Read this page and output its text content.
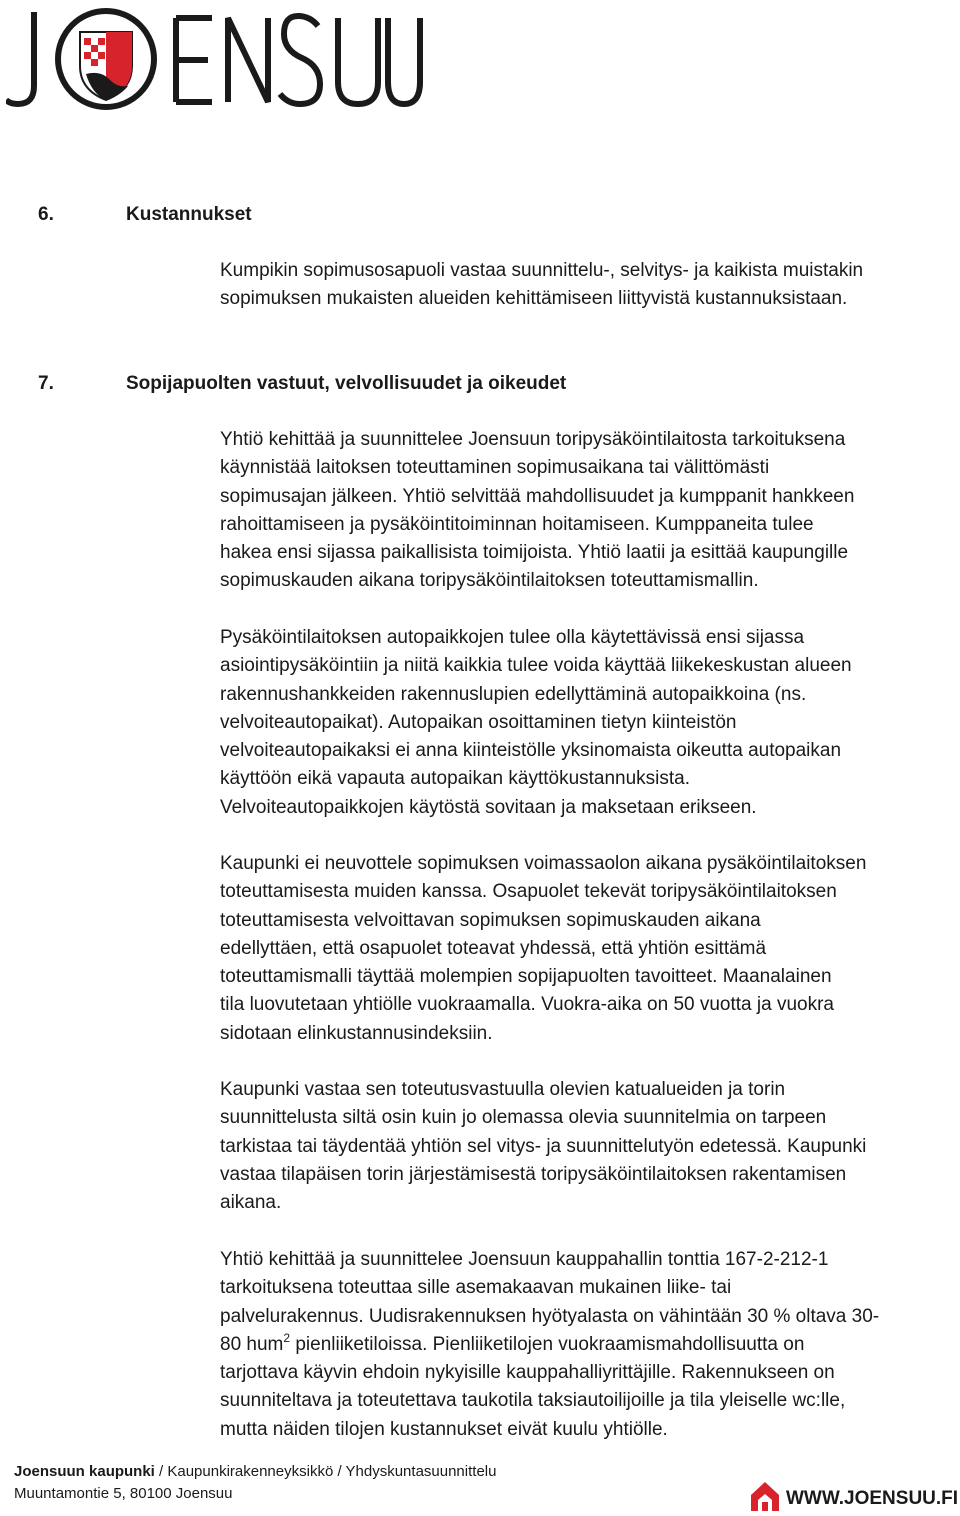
6.	Kustannukset

Kumpikin sopimusosapuoli vastaa suunnittelu-, selvitys- ja kaikista muistakin
sopimuksen mukaisten alueiden kehittämiseen liittyvistä kustannuksistaan.

7.	Sopijapuolten vastuut, velvollisuudet ja oikeudet

Yhtiö kehittää ja suunnittelee Joensuun toripysäköintilaitosta tarkoituksena
käynnistää laitoksen toteuttaminen sopimusaikana tai välittömästi
sopimusajan jälkeen. Yhtiö selvittää mahdollisuudet ja kumppanit hankkeen
rahoittamiseen ja pysäköintitoiminnan hoitamiseen. Kumppaneita tulee
hakea ensi sijassa paikallisista toimijoista. Yhtiö laatii ja esittää kaupungille
sopimuskauden aikana toripysäköintilaitoksen toteuttamismallin.

Pysäköintilaitoksen autopaikkojen tulee olla käytettävissä ensi sijassa
asiointipysäköintiin ja niitä kaikkia tulee voida käyttää liikekeskustan alueen
rakennushankkeiden rakennuslupien edellyttäminä autopaikkoina (ns.
velvoiteautopaikat). Autopaikan osoittaminen tietyn kiinteistön
velvoiteautopaikaksi ei anna kiinteistölle yksinomaista oikeutta autopaikan
käyttöön eikä vapauta autopaikan käyttökustannuksista.
Velvoiteautopaikkojen käytöstä sovitaan ja maksetaan erikseen.

Kaupunki ei neuvottele sopimuksen voimassaolon aikana pysäköintilaitoksen
toteuttamisesta muiden kanssa. Osapuolet tekevät toripysäköintilaitoksen
toteuttamisesta velvoittavan sopimuksen sopimuskauden aikana
edellyttäen, että osapuolet toteavat yhdessä, että yhtiön esittämä
toteuttamismalli täyttää molempien sopijapuolten tavoitteet. Maanalainen
tila luovutetaan yhtiölle vuokraamalla. Vuokra-aika on 50 vuotta ja vuokra
sidotaan elinkustannusindeksiin.

Kaupunki vastaa sen toteutusvastuulla olevien katualueiden ja torin
suunnittelusta siltä osin kuin jo olemassa olevia suunnitelmia on tarpeen
tarkistaa tai täydentää yhtiön sel vitys- ja suunnittelutyön edetessä. Kaupunki
vastaa tilapäisen torin järjestämisestä toripysäköintilaitoksen rakentamisen
aikana.

Yhtiö kehittää ja suunnittelee Joensuun kauppahallin tonttia 167-2-212-1
tarkoituksena toteuttaa sille asemakaavan mukainen liike- tai
palvelurakennus. Uudisrakennuksen hyötyalasta on vähintään 30 % oltava 30-
80 hum$^2$ pienliiketiloissa. Pienliiketilojen vuokraamismahdollisuutta on
tarjottava käyvin ehdoin nykyisille kauppahalliyrittäjille. Rakennukseen on
suunniteltava ja toteutettava taukotila taksiautoilijoille ja tila yleiselle wc:lle,
mutta näiden tilojen kustannukset eivät kuulu yhtiölle.

Joensuun kaupunki / Kaupunkirakenneyksikkö / Yhdyskuntasuunnittelu
Muuntamontie 5, 80100 Joensuu	WWW.JOENSUU.FI
